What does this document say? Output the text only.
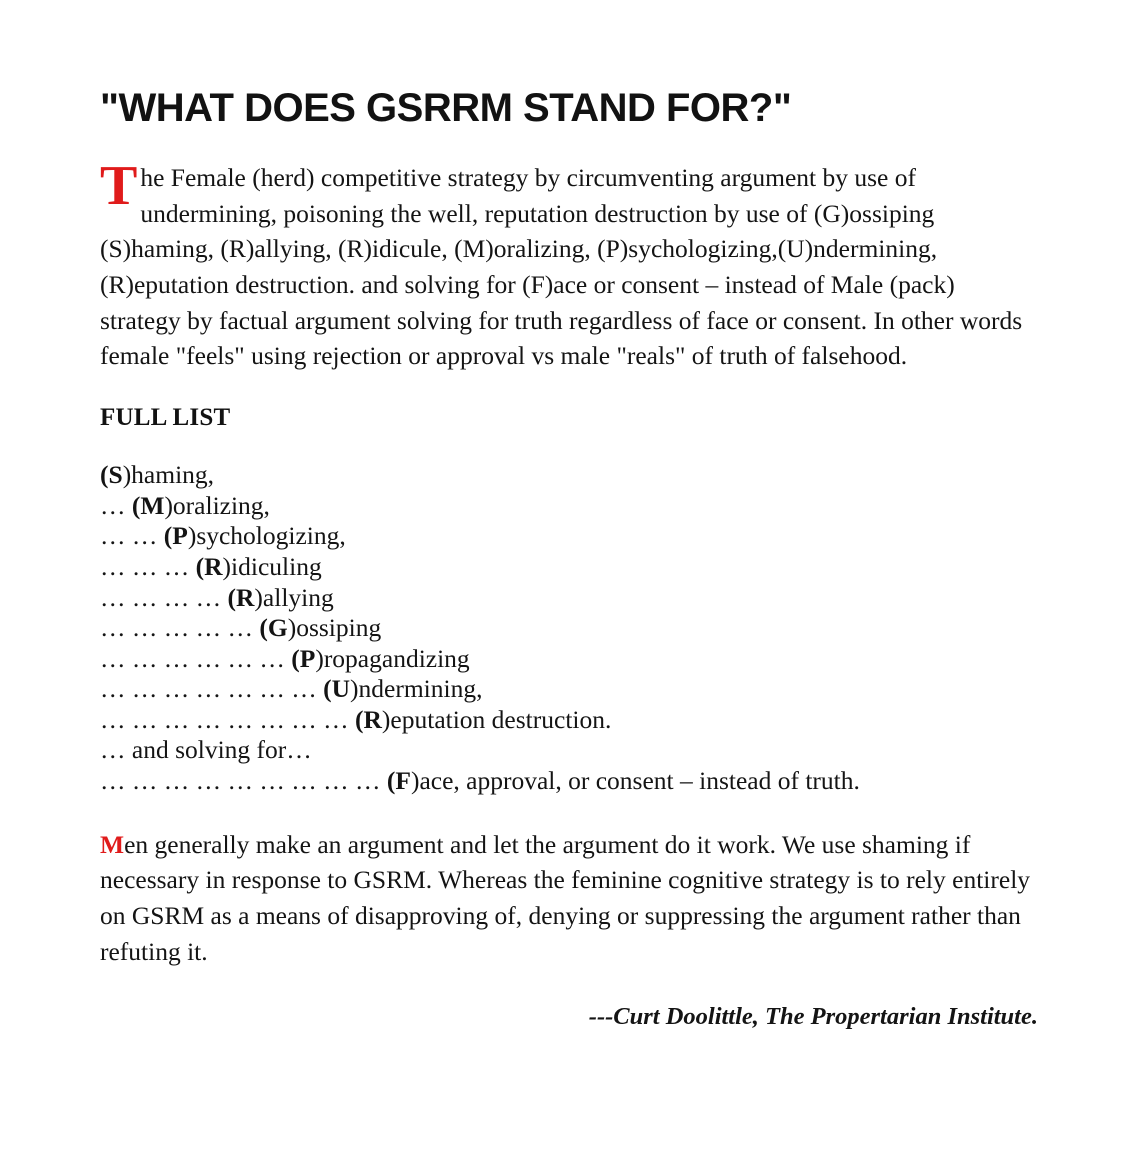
"WHAT DOES GSRRM STAND FOR?"

The Female (herd) competitive strategy by circumventing argument by use of undermining, poisoning the well, reputation destruction by use of (G)ossiping (S)haming, (R)allying, (R)idicule, (M)oralizing, (P)sychologizing,(U)ndermining, (R)eputation destruction. and solving for (F)ace or consent – instead of Male (pack) strategy by factual argument solving for truth regardless of face or consent. In other words female "feels" using rejection or approval vs male "reals" of truth of falsehood.

FULL LIST
(S)haming,
… (M)oralizing,
… … (P)sychologizing,
… … … (R)idiculing
… … … … (R)allying
… … … … … (G)ossiping
… … … … … … (P)ropagandizing
… … … … … … … (U)ndermining,
… … … … … … … … (R)eputation destruction.
… and solving for…
… … … … … … … … … (F)ace, approval, or consent – instead of truth.

Men generally make an argument and let the argument do it work. We use shaming if necessary in response to GSRM. Whereas the feminine cognitive strategy is to rely entirely on GSRM as a means of disapproving of, denying or suppressing the argument rather than refuting it.

---Curt Doolittle, The Propertarian Institute.
